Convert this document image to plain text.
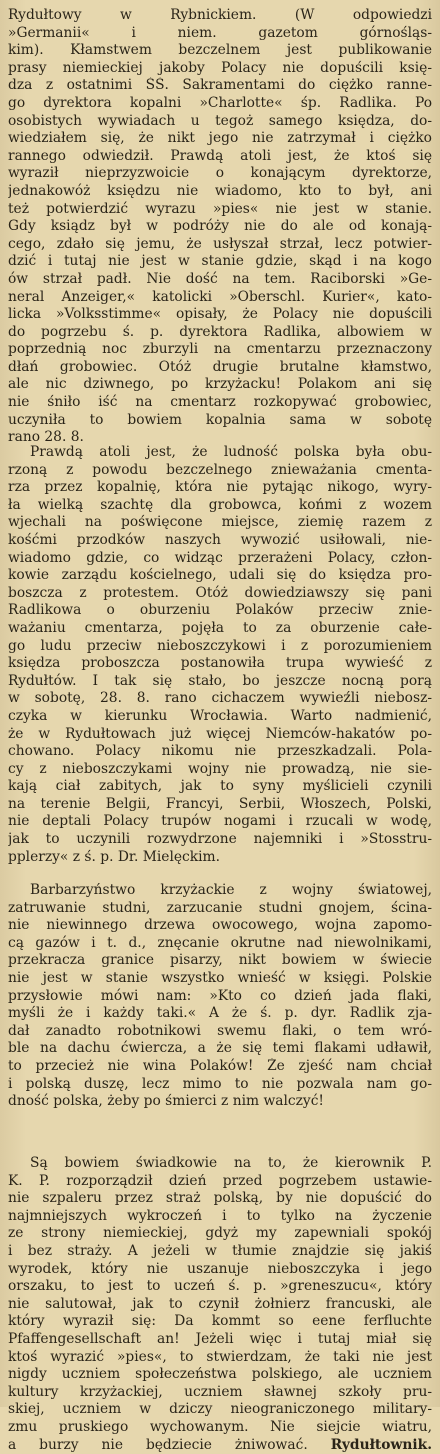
Rydułtowy w Rybnickiem. (W odpowiedzi
»Germanii« i niem. gazetom górnośląs-
kim). Kłamstwem bezczelnem jest publikowanie
prasy niemieckiej jakoby Polacy nie dopuścili księ-
dza z ostatnimi ŚŚ. Sakramentami do ciężko ranne-
go dyrektora kopalni »Charlotte« śp. Radlika. Po
osobistych wywiadach u tegoż samego księdza, do-
wiedziałem się, że nikt jego nie zatrzymał i ciężko
rannego odwiedził. Prawdą atoli jest, że ktoś się
wyraził nieprzyzwoicie o konającym dyrektorze,
jednakowóż księdzu nie wiadomo, kto to był, ani
też potwierdzić wyrazu »pies« nie jest w stanie.
Gdy ksiądz był w podróży nie do ale od konają-
cego, zdało się jemu, że usłyszał strzał, lecz potwier-
dzić i tutaj nie jest w stanie gdzie, skąd i na kogo
ów strzał padł. Nie dość na tem. Raciborski »Ge-
neral Anzeiger,« katolicki »Oberschl. Kurier«, kato-
licka »Volksstimme« opisały, że Polacy nie dopuścili
do pogrzebu ś. p. dyrektora Radlika, albowiem w
poprzednią noc zburzyli na cmentarzu przeznaczony
dłań grobowiec. Otóż drugie brutalne kłamstwo,
ale nic dziwnego, po krzyżacku! Polakom ani się
nie śniło iść na cmentarz rozkopywać grobowiec,
uczyniła to bowiem kopalnia sama w sobotę
rano 28. 8.
Prawdą atoli jest, że ludność polska była obu-
rzoną z powodu bezczelnego znieważania cmenta-
rza przez kopalnię, która nie pytając nikogo, wyry-
ła wielką szachtę dla grobowca, końmi z wozem
wjechali na poświęcone miejsce, ziemię razem z
kośćmi przodków naszych wywozić usiłowali, nie-
wiadomo gdzie, co widząc przerażeni Polacy, człon-
kowie zarządu kościelnego, udali się do księdza pro-
boszcza z protestem. Otóż dowiedziawszy się pani
Radlikowa o oburzeniu Polaków przeciw znie-
ważaniu cmentarza, pojęła to za oburzenie całe-
go ludu przeciw nieboszczykowi i z porozumieniem
księdza proboszcza postanowiła trupa wywieść z
Rydułtów. I tak się stało, bo jeszcze nocną porą
w sobotę, 28. 8. rano cichaczem wywieźli niebosz-
czyka w kierunku Wrocławia. Warto nadmienić,
że w Rydułtowach już więcej Niemców-hakatów po-
chowano. Polacy nikomu nie przeszkadzali. Pola-
cy z nieboszczykami wojny nie prowadzą, nie sie-
kają ciał zabitych, jak to syny myślicieli czynili
na terenie Belgii, Francyi, Serbii, Włoszech, Polski,
nie deptali Polacy trupów nogami i rzucali w wodę,
jak to uczynili rozwydrzone najemniki i »Stosstru-
pplerzy« z ś. p. Dr. Mielęckim.
Barbarzyństwo krzyżackie z wojny światowej,
zatruwanie studni, zarzucanie studni gnojem, ścina-
nie niewinnego drzewa owocowego, wojna zapomo-
cą gazów i t. d., znęcanie okrutne nad niewolnikami,
przekracza granice pisarzy, nikt bowiem w świecie
nie jest w stanie wszystko wnieść w księgi. Polskie
przysłowie mówi nam: »Kto co dzień jada flaki,
myśli że i każdy taki.« A że ś. p. dyr. Radlik zja-
dał zanadto robotnikowi swemu flaki, o tem wró-
ble na dachu ćwiercza, a że się temi flakami udławił,
to przecież nie wina Polaków! Że zjeść nam chciał
i polską duszę, lecz mimo to nie pozwala nam go-
dność polska, żeby po śmierci z nim walczyć!
Są bowiem świadkowie na to, że kierownik P.
K. P. rozporządził dzień przed pogrzebem ustawie-
nie szpaleru przez straż polską, by nie dopuścić do
najmniejszych wykroczeń i to tylko na życzenie
ze strony niemieckiej, gdyż my zapewniali spokój
i bez straży. A jeżeli w tłumie znajdzie się jakiś
wyrodek, który nie uszanuje nieboszczyka i jego
orszaku, to jest to uczeń ś. p. »greneszucu«, który
nie salutował, jak to czynił żołnierz francuski, ale
który wyraził się: Da kommt so eene ferfluchte
Pfaffengesellschaft an! Jeżeli więc i tutaj miał się
ktoś wyrazić »pies«, to stwierdzam, że taki nie jest
nigdy uczniem społeczeństwa polskiego, ale uczniem
kultury krzyżackiej, uczniem sławnej szkoły pru-
skiej, uczniem w dziczy nieograniczonego military-
zmu pruskiego wychowanym. Nie siejcie wiatru,
a burzy nie będziecie żniwować. Rydułtownik.
